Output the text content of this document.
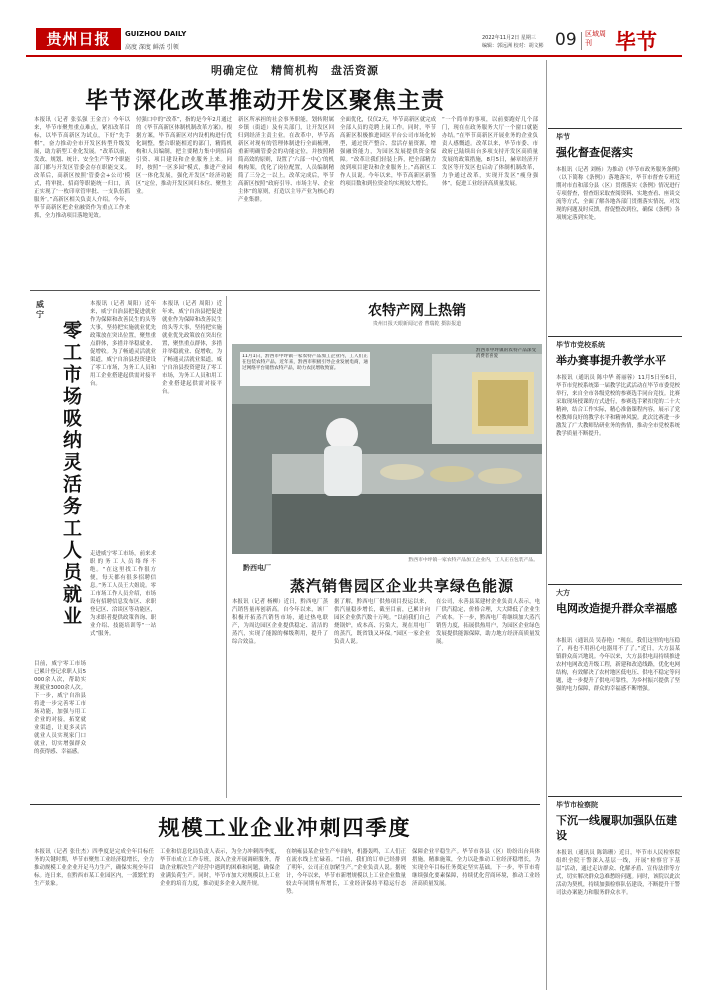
贵州日报	GUIZHOU DAILY
高度 深度 鲜活 引领
2022年11月2日 星期三
编辑：郭远洲 校对：胡文彬 09 区域周刊	毕节
明确定位　精简机构　盘活资源
毕节深化改革推动开发区聚焦主责
本报讯（记者 张弘强 王金言）今年以来，毕节市聚焦重点难点，紧扣改革目标，以毕节高新区为试点，下好“先手棋”，奋力推动全市开发区转型升级发展，助力新型工业化发展。“改革以前，发改、规划、统计、安全生产等7个职能部门都与开发区管委会存在职能交叉。改革后，高新区按照‘管委会+公司’模式，将审批、招商等职能统一归口，真正实现了‘一枚印章管审批、一支队伍抓服务’。”高新区相关负责人介绍。今年，毕节高新区把企业融资作为重点工作来抓，全力推动项目落地见效。
付强口中的“改革”，指的是今年2月通过的《毕节高新区体制机制改革方案》。根据方案，毕节高新区对内设机构进行优化调整，整合职能相近的部门，精简机构和人员编制，把主要精力集中到招商引资、项目建设和企业服务上来。同时，按照“一区多园”模式，推进产业园区一体化发展，强化开发区“经济功能区”定位，推动开发区回归本位、聚焦主业。
新区所承担的社会事务职能，划转附属乡镇（街道）及有关部门，让开发区回归到经济主责主业。在改革中，毕节高新区对现有的管理体制进行全面梳理，重新明确管委会的功能定位，并按照精简高效的原则，设置了‘六部一中心’的机构构架，优化了岗位配置，人员编制精简了三分之一以上。改革完成后，毕节高新区按照“政府引导、市场主导、企业主体”的原则，打造以主导产业为核心的产业集群。
全面优化，仅仅2天，毕节高新区就完成全部人员的竞聘上岗工作。同时，毕节高新区积极推进园区平台公司市场化转型，通过资产整合、盘活存量资源，增强融资能力，为园区发展提供资金保障。“改革让我们轻装上阵，把全部精力放到项目建设和企业服务上。”高新区工作人员说。今年以来，毕节高新区新签约项目数和到位资金均实现较大增长。
“一个简单的事项，以前要跑好几个部门，现在在政务服务大厅一个窗口就能办结。”在毕节高新区开展业务的企业负责人感慨道。改革以来，毕节市委、市政府已陆续出台多项支持开发区高质量发展的政策措施，8月5日，赫章经济开发区等开发区也启动了体制机制改革，力争通过改革，实现开发区“瘦身强体”，促进工业经济高质量发展。
威宁
零工市场吸纳灵活务工人员就业
本报讯（记者 周阳）近年来，威宁自治县把促进就业作为保障和改善民生的头等大事，坚持把实施就业优先政策放在突出位置，聚焦重点群体，多措并举稳就业、促增收。为了畅通灵活就业渠道，威宁自治县投资建设了零工市场，为务工人员和用工企业搭建起供需对接平台。
走进威宁零工市场，前来求职的务工人员络绎不绝。“在这里找工作很方便，每天都有很多招聘信息。”务工人员王大姐说。零工市场工作人员介绍，市场设有招聘信息发布区、求职登记区、洽谈区等功能区，为求职者提供政策咨询、职业介绍、技能培训等“一站式”服务。
目前，威宁零工市场已累计登记求职人员5000余人次，帮助实现就业3000余人次。下一步，威宁自治县将进一步完善零工市场功能，加强与用工企业的对接，拓宽就业渠道，让更多灵活就业人员实现家门口就业，切实增强群众的获得感、幸福感。
本报讯（记者 周阳）近年来，威宁自治县把促进就业作为保障和改善民生的头等大事，坚持把实施就业优先政策放在突出位置，聚焦重点群体，多措并举稳就业、促增收。为了畅通灵活就业渠道，威宁自治县投资建设了零工市场，为务工人员和用工企业搭建起供需对接平台。
农特产网上热销
贵州日报天眼新闻记者 曹瑞乾 摄影报道
11月1日，黔西市中坪镇一家农特产品加工企业内，工人们正在包装农特产品。近年来，黔西市积极引导企业发展电商，通过网络平台销售农特产品，助力农民增收致富。
黔西市中坪镇的农特产品深受消费者喜爱
黔西市中坪镇一家农特产品加工企业内，工人正在包装产品。
黔西电厂
蒸汽销售园区企业共享绿色能源
本报讯（记者 杨柳）近日，黔西电厂蒸汽销售量再创新高。自今年以来，该厂积极开拓蒸汽销售市场，通过热电联产，为周边园区企业提供稳定、清洁的蒸汽，实现了能源的梯级利用，提升了综合效益。
据了解，黔西电厂供热项目投运以来，供汽量稳步增长，截至目前，已累计向园区企业供汽数十万吨。“以前我们自己烧锅炉，成本高、污染大，现在用电厂的蒸汽，既省钱又环保。”园区一家企业负责人说。
在公司，永善县某建材企业负责人表示，电厂供汽稳定，价格合理，大大降低了企业生产成本。下一步，黔西电厂将继续加大蒸汽销售力度，拓展供热用户，为园区企业绿色发展提供能源保障，助力地方经济高质量发展。
规模工业企业冲刺四季度
本报讯（记者 张仕杰）四季度是完成全年目标任务的关键时期，毕节市聚焦工业经济稳增长，全力推动规模工业企业开足马力生产，确保实现全年目标。连日来，在黔西市某工业园区内，一派繁忙的生产景象。
工业和信息化局负责人表示，为全力冲刺四季度，毕节市成立工作专班，深入企业开展调研服务，帮助企业解决生产经营中遇到的困难和问题，确保企业满负荷生产。同时，毕节市加大对规模以上工业企业的培育力度，推动更多企业入规升规。
在纳雍县某企业生产车间内，机器轰鸣，工人们正在流水线上忙碌着。“目前，我们的订单已经排到了明年，公司正在加紧生产。”企业负责人说。据统计，今年以来，毕节市新增规模以上工业企业数量较去年同期有所增长，工业经济保持平稳运行态势。
保障企业平稳生产。毕节市各县（区）纷纷出台具体措施，精准施策，全力以赴推动工业经济稳增长，为实现全年目标任务奠定坚实基础。下一步，毕节市将继续强化要素保障，持续优化营商环境，推动工业经济高质量发展。
毕节
强化督查促落实
本报讯（记者 刘杨）为推动《毕节市政务服务条例》（以下简称《条例》）落地落实，毕节市督查专班近期对市直和部分县（区）贯彻落实《条例》情况进行专项督查，督查组采取查阅资料、实地查看、座谈交流等方式，全面了解各地各部门贯彻落实情况，对发现的问题及时反馈，督促整改到位，确保《条例》各项规定落到实处。
毕节市党校系统
举办赛事提升教学水平
本报讯（通讯员 陈中华 蒋丽蓉）11月5日至6日，毕节市党校系统第一届教学比武活动在毕节市委党校举行，来自全市各级党校的参赛选手同台竞技。比赛采取现场授课的方式进行，参赛选手紧扣党的二十大精神，结合工作实际，精心准备课程内容，展示了党校教师良好的教学水平和精神风貌。此次比赛进一步激发了广大教师钻研业务的热情，推动全市党校系统教学质量不断提升。
大方
电网改造提升群众幸福感
本报讯（通讯员 吴春艳）“现在，我们这里的电压稳了，再也不用担心电器用不了了。”近日，大方县某镇群众高兴地说。今年以来，大方县供电局持续推进农村电网改造升级工程，新建和改造线路，优化电网结构，有效解决了农村地区低电压、供电不稳定等问题，进一步提升了供电可靠性，为乡村振兴提供了坚强的电力保障，群众的幸福感不断增强。
毕节市检察院
下沉一线履职加强队伍建设
本报讯（通讯员 陈锦珊）近日，毕节市人民检察院组织全院干警深入基层一线，开展“检察官下基层”活动，通过走访群众、化解矛盾、宣传法律等方式，切实解决群众急难愁盼问题。同时，该院以此次活动为契机，持续加强检察队伍建设，不断提升干警司法办案能力和服务群众水平。
